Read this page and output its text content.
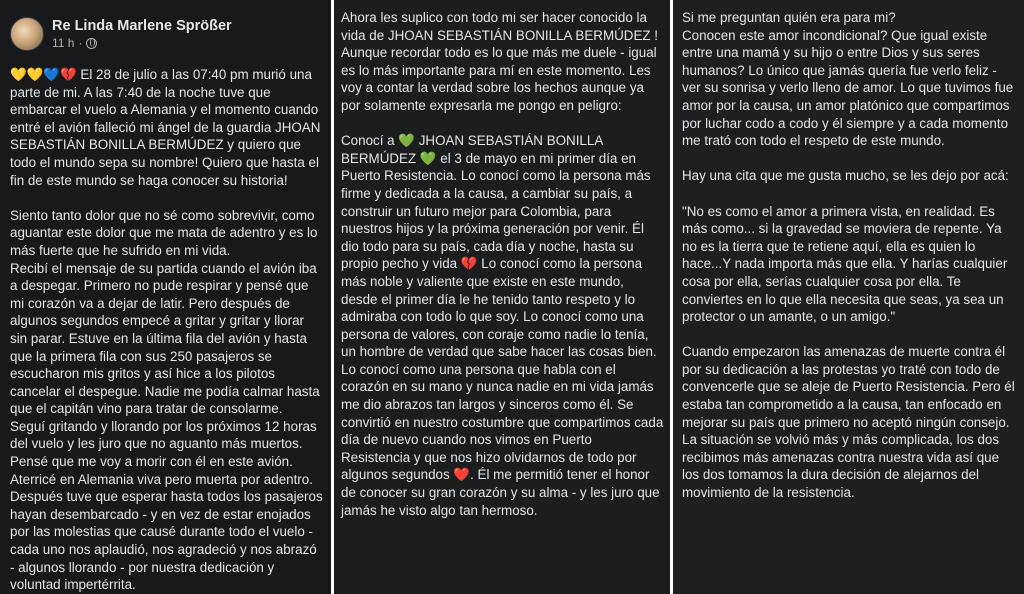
Re Linda Marlene Sprößer
11 h ·
💛💛💙💔 El 28 de julio a las 07:40 pm murió una parte de mi. A las 7:40 de la noche tuve que embarcar el vuelo a Alemania y el momento cuando entré el avión falleció mi ángel de la guardia JHOAN SEBASTIÁN BONILLA BERMÚDEZ y quiero que todo el mundo sepa su nombre! Quiero que hasta el fin de este mundo se haga conocer su historia!

Siento tanto dolor que no sé como sobrevivir, como aguantar este dolor que me mata de adentro y es lo más fuerte que he sufrido en mi vida.
Recibí el mensaje de su partida cuando el avión iba a despegar. Primero no pude respirar y pensé que mi corazón va a dejar de latir. Pero después de algunos segundos empecé a gritar y gritar y llorar sin parar. Estuve en la última fila del avión y hasta que la primera fila con sus 250 pasajeros se escucharon mis gritos y así hice a los pilotos cancelar el despegue. Nadie me podía calmar hasta que el capitán vino para tratar de consolarme.
Seguí gritando y llorando por los próximos 12 horas del vuelo y les juro que no aguanto más muertos.
Pensé que me voy a morir con él en este avión.
Aterricé en Alemania viva pero muerta por adentro.
Después tuve que esperar hasta todos los pasajeros hayan desembarcado - y en vez de estar enojados por las molestias que causé durante todo el vuelo - cada uno nos aplaudió, nos agradeció y nos abrazó - algunos llorando - por nuestra dedicación y voluntad impertérrita.
Ahora les suplico con todo mi ser hacer conocido la vida de JHOAN SEBASTIÁN BONILLA BERMÚDEZ ! Aunque recordar todo es lo que más me duele - igual es lo más importante para mí en este momento. Les voy a contar la verdad sobre los hechos aunque ya por solamente expresarla me pongo en peligro:

Conocí a 💚 JHOAN SEBASTIÁN BONILLA BERMÚDEZ 💚 el 3 de mayo en mi primer día en Puerto Resistencia. Lo conocí como la persona más firme y dedicada a la causa, a cambiar su país, a construir un futuro mejor para Colombia, para nuestros hijos y la próxima generación por venir. Él dio todo para su país, cada día y noche, hasta su propio pecho y vida 💔 Lo conocí como la persona más noble y valiente que existe en este mundo, desde el primer día le he tenido tanto respeto y lo admiraba con todo lo que soy. Lo conocí como una persona de valores, con coraje como nadie lo tenía, un hombre de verdad que sabe hacer las cosas bien. Lo conocí como una persona que habla con el corazón en su mano y nunca nadie en mi vida jamás me dio abrazos tan largos y sinceros como él. Se convirtió en nuestro costumbre que compartimos cada día de nuevo cuando nos vimos en Puerto Resistencia y que nos hizo olvidarnos de todo por algunos segundos ❤️. Él me permitió tener el honor de conocer su gran corazón y su alma - y les juro que jamás he visto algo tan hermoso.
Si me preguntan quién era para mi?
Conocen este amor incondicional? Que igual existe entre una mamá y su hijo o entre Dios y sus seres humanos? Lo único que jamás quería fue verlo feliz - ver su sonrisa y verlo lleno de amor. Lo que tuvimos fue amor por la causa, un amor platónico que compartimos por luchar codo a codo y él siempre y a cada momento me trató con todo el respeto de este mundo.

Hay una cita que me gusta mucho, se les dejo por acá:

"No es como el amor a primera vista, en realidad. Es más como... si la gravedad se moviera de repente. Ya no es la tierra que te retiene aquí, ella es quien lo hace...Y nada importa más que ella. Y harías cualquier cosa por ella, serías cualquier cosa por ella. Te conviertes en lo que ella necesita que seas, ya sea un protector o un amante, o un amigo."

Cuando empezaron las amenazas de muerte contra él por su dedicación a las protestas yo traté con todo de convencerle que se aleje de Puerto Resistencia. Pero él estaba tan comprometido a la causa, tan enfocado en mejorar su país que primero no aceptó ningún consejo. La situación se volvió más y más complicada, los dos recibimos más amenazas contra nuestra vida así que los dos tomamos la dura decisión de alejarnos del movimiento de la resistencia.
